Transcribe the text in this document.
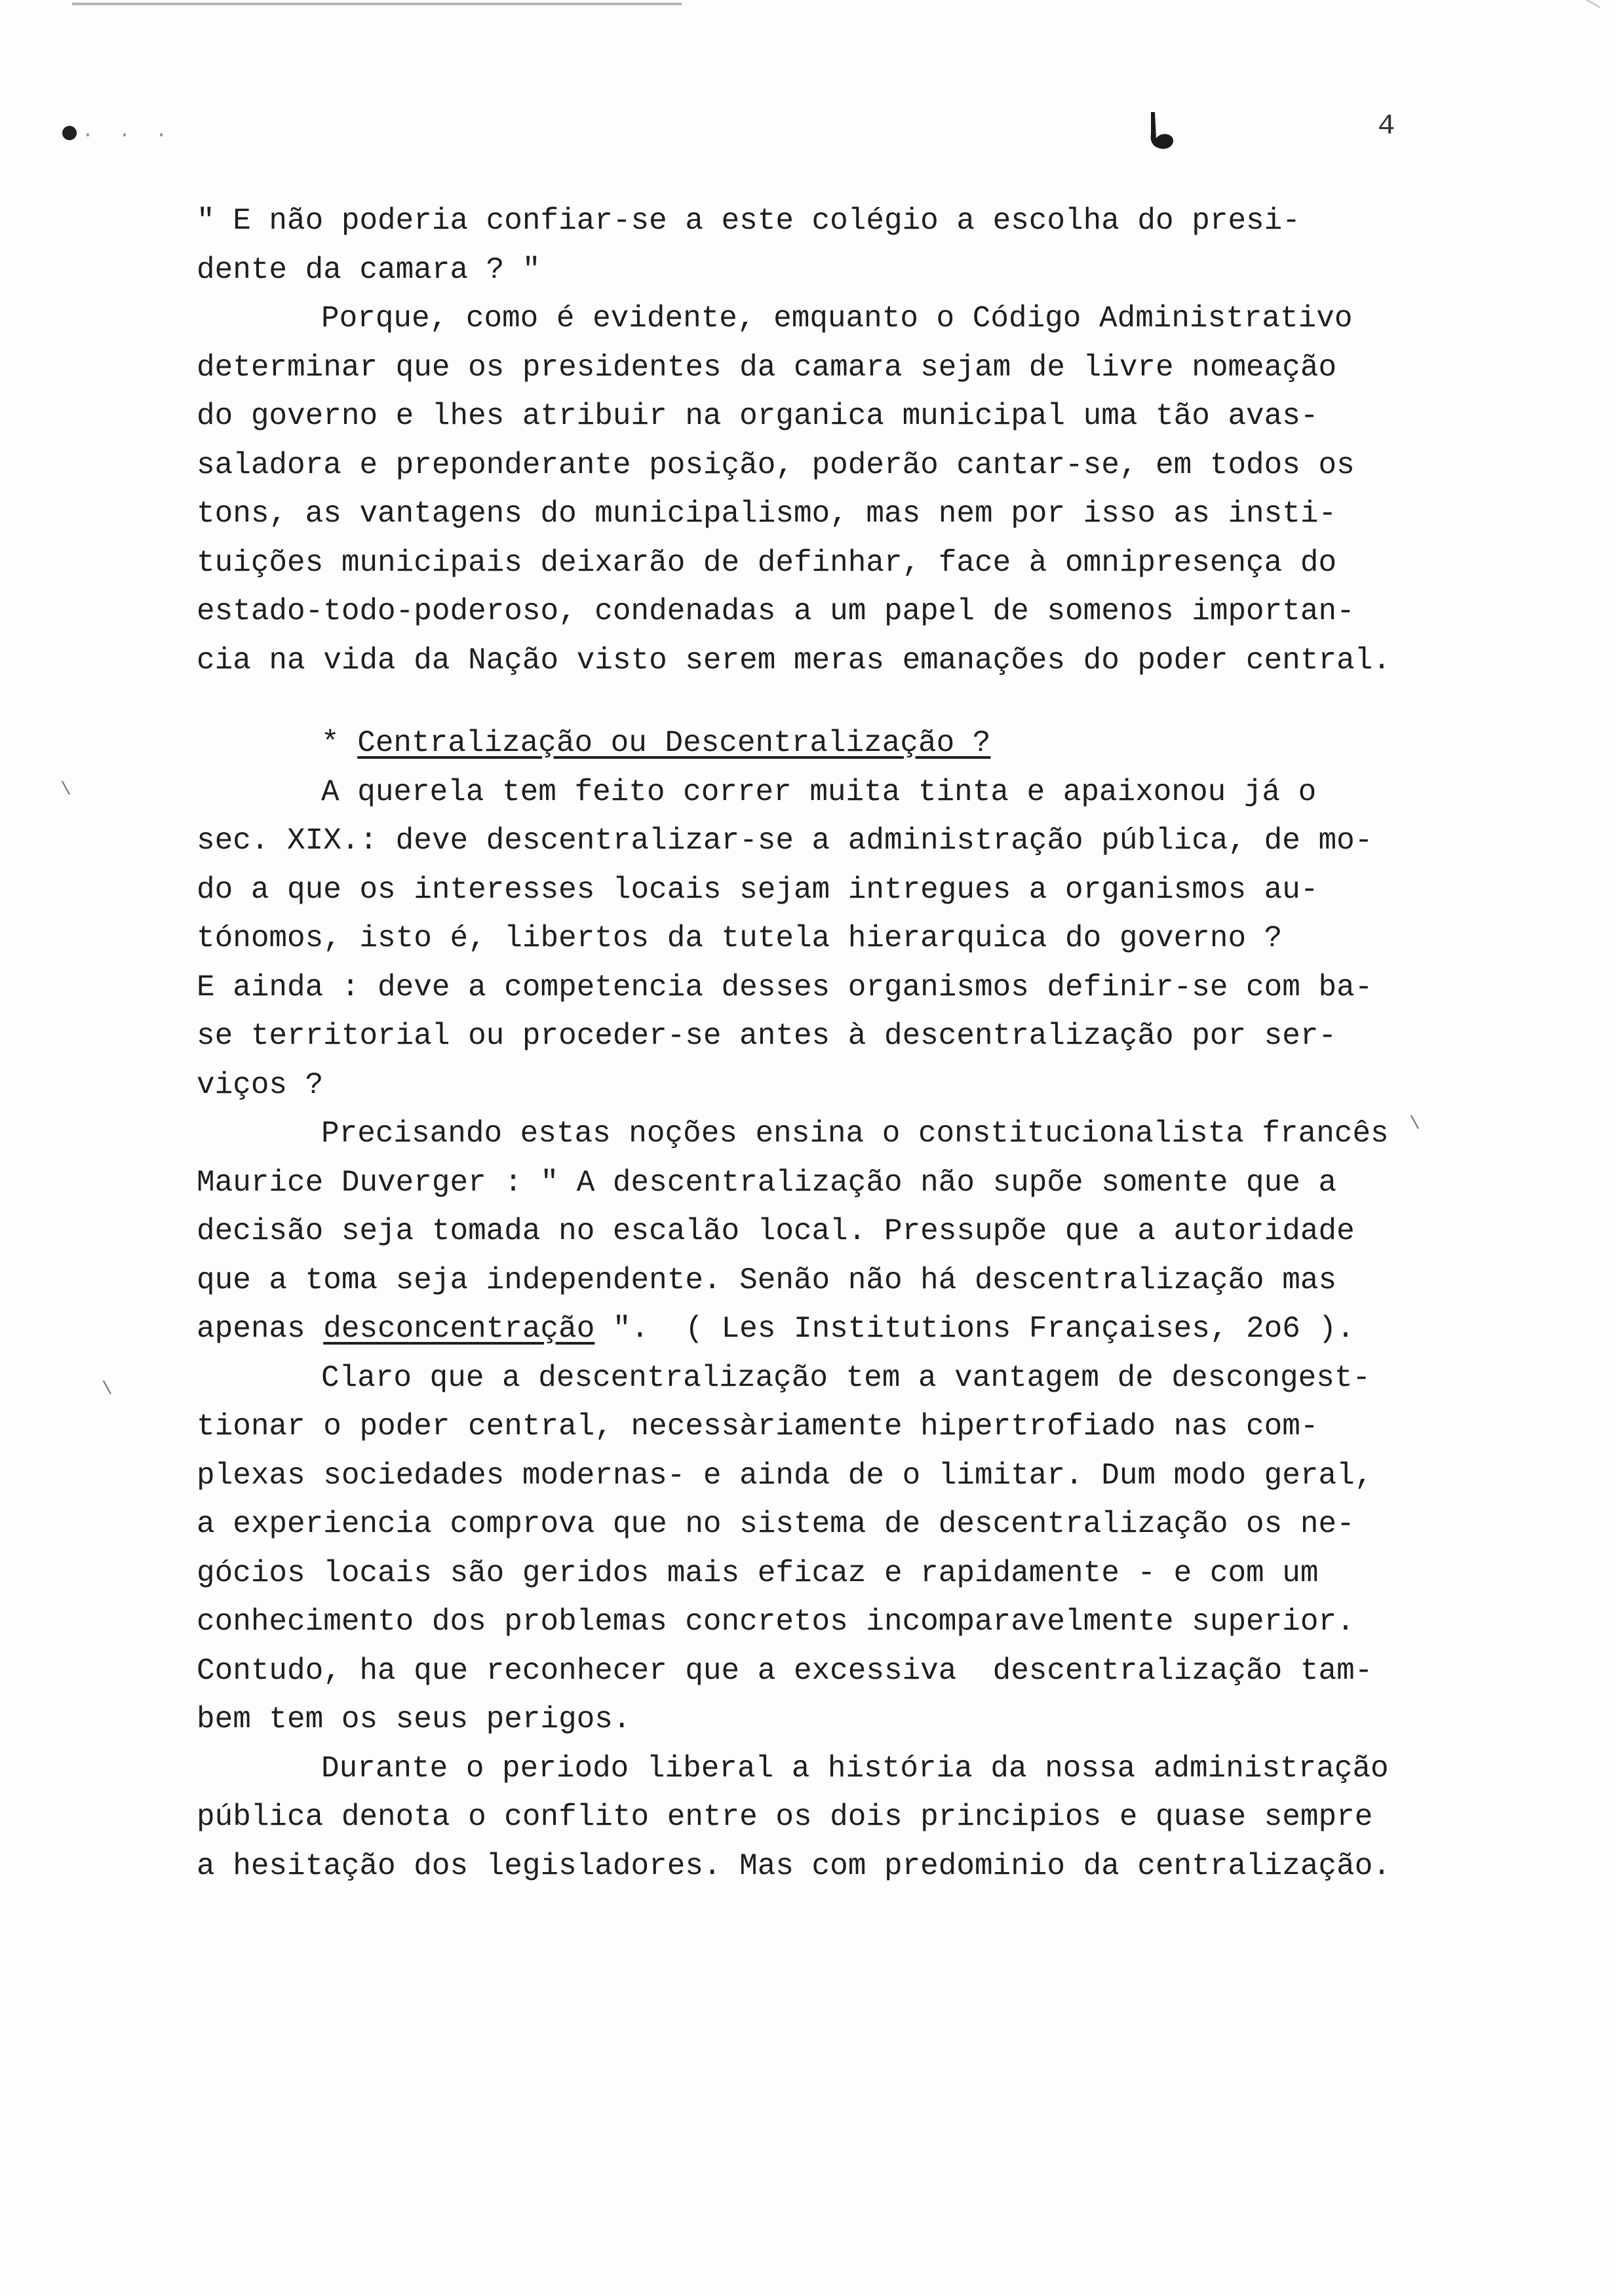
· · ·	4
\
\
\
" E não poderia confiar-se a este colégio a escolha do presi-
dente da camara ? "
Porque, como é evidente, emquanto o Código Administrativo
determinar que os presidentes da camara sejam de livre nomeação
do governo e lhes atribuir na organica municipal uma tão avas-
saladora e preponderante posição, poderão cantar-se, em todos os
tons, as vantagens do municipalismo, mas nem por isso as insti-
tuições municipais deixarão de definhar, face à omnipresença do
estado-todo-poderoso, condenadas a um papel de somenos importan-
cia na vida da Nação visto serem meras emanações do poder central.
* Centralização ou Descentralização ?
A querela tem feito correr muita tinta e apaixonou já o
sec. XIX.: deve descentralizar-se a administração pública, de mo-
do a que os interesses locais sejam intregues a organismos au-
tónomos, isto é, libertos da tutela hierarquica do governo ?
E ainda : deve a competencia desses organismos definir-se com ba-
se territorial ou proceder-se antes à descentralização por ser-
viços ?
Precisando estas noções ensina o constitucionalista francês
Maurice Duverger : " A descentralização não supõe somente que a
decisão seja tomada no escalão local. Pressupõe que a autoridade
que a toma seja independente. Senão não há descentralização mas
apenas desconcentração ".  ( Les Institutions Françaises, 2o6 ).
Claro que a descentralização tem a vantagem de descongest-
tionar o poder central, necessàriamente hipertrofiado nas com-
plexas sociedades modernas- e ainda de o limitar. Dum modo geral,
a experiencia comprova que no sistema de descentralização os ne-
gócios locais são geridos mais eficaz e rapidamente - e com um
conhecimento dos problemas concretos incomparavelmente superior.
Contudo, ha que reconhecer que a excessiva  descentralização tam-
bem tem os seus perigos.
Durante o periodo liberal a história da nossa administração
pública denota o conflito entre os dois principios e quase sempre
a hesitação dos legisladores. Mas com predominio da centralização.
